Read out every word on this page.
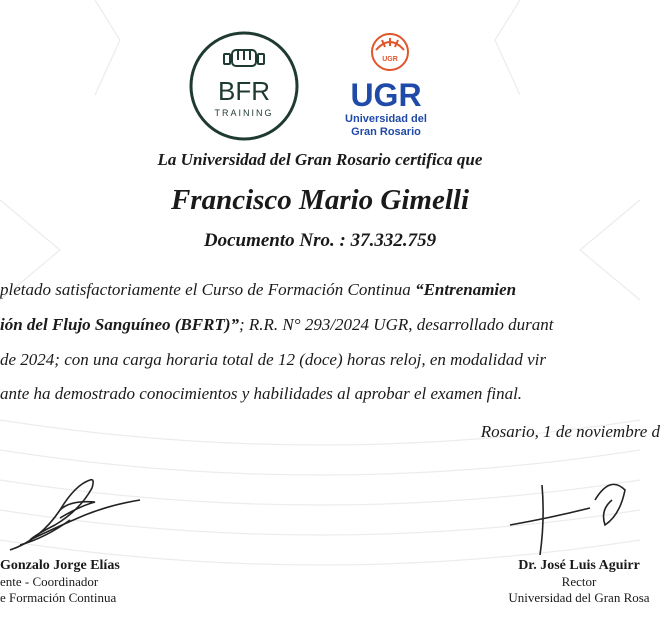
BFR
TRAINING
UGR
UGR
Universidad del
Gran Rosario
La Universidad del Gran Rosario certifica que
Francisco Mario Gimelli
Documento Nro. : 37.332.759
pletado satisfactoriamente el Curso de Formación Continua “Entrenamien
ión del Flujo Sanguíneo (BFRT)”; R.R. N° 293/2024 UGR, desarrollado durant
de 2024; con una carga horaria total de 12 (doce) horas reloj, en modalidad vir
ante ha demostrado conocimientos y habilidades al aprobar el examen final.
Rosario, 1 de noviembre d
Gonzalo Jorge Elías
ente - Coordinador
e Formación Continua
Dr. José Luis Aguirr
Rector
Universidad del Gran Rosa
